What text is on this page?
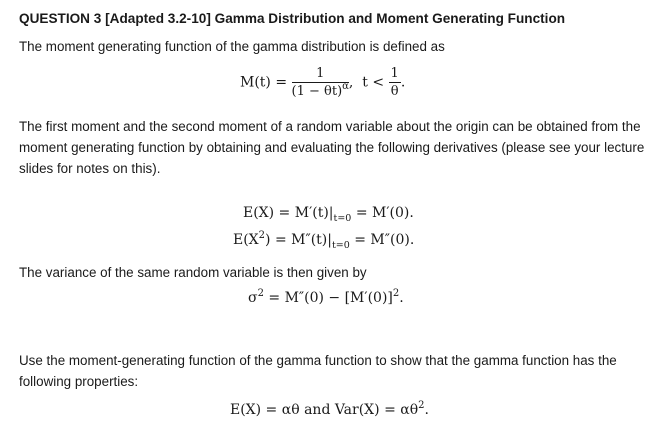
QUESTION 3 [Adapted 3.2-10] Gamma Distribution and Moment Generating Function
The moment generating function of the gamma distribution is defined as
$M(t) = \frac{1}{(1 - \theta t)^\alpha}$ , $t < \frac{1}{\theta}$ .
The first moment and the second moment of a random variable about the origin can be obtained from the moment generating function by obtaining and evaluating the following derivatives (please see your lecture slides for notes on this).
$E(X) = M'(t)|_{t=0} = M'(0)$.
$E(X^2) = M''(t)|_{t=0} = M''(0)$.
The variance of the same random variable is then given by
$\sigma^2 = M''(0) - [M'(0)]^2$.
Use the moment-generating function of the gamma function to show that the gamma function has the following properties:
E(X) = αθ and $Var(X) = \alpha\theta^2$.
